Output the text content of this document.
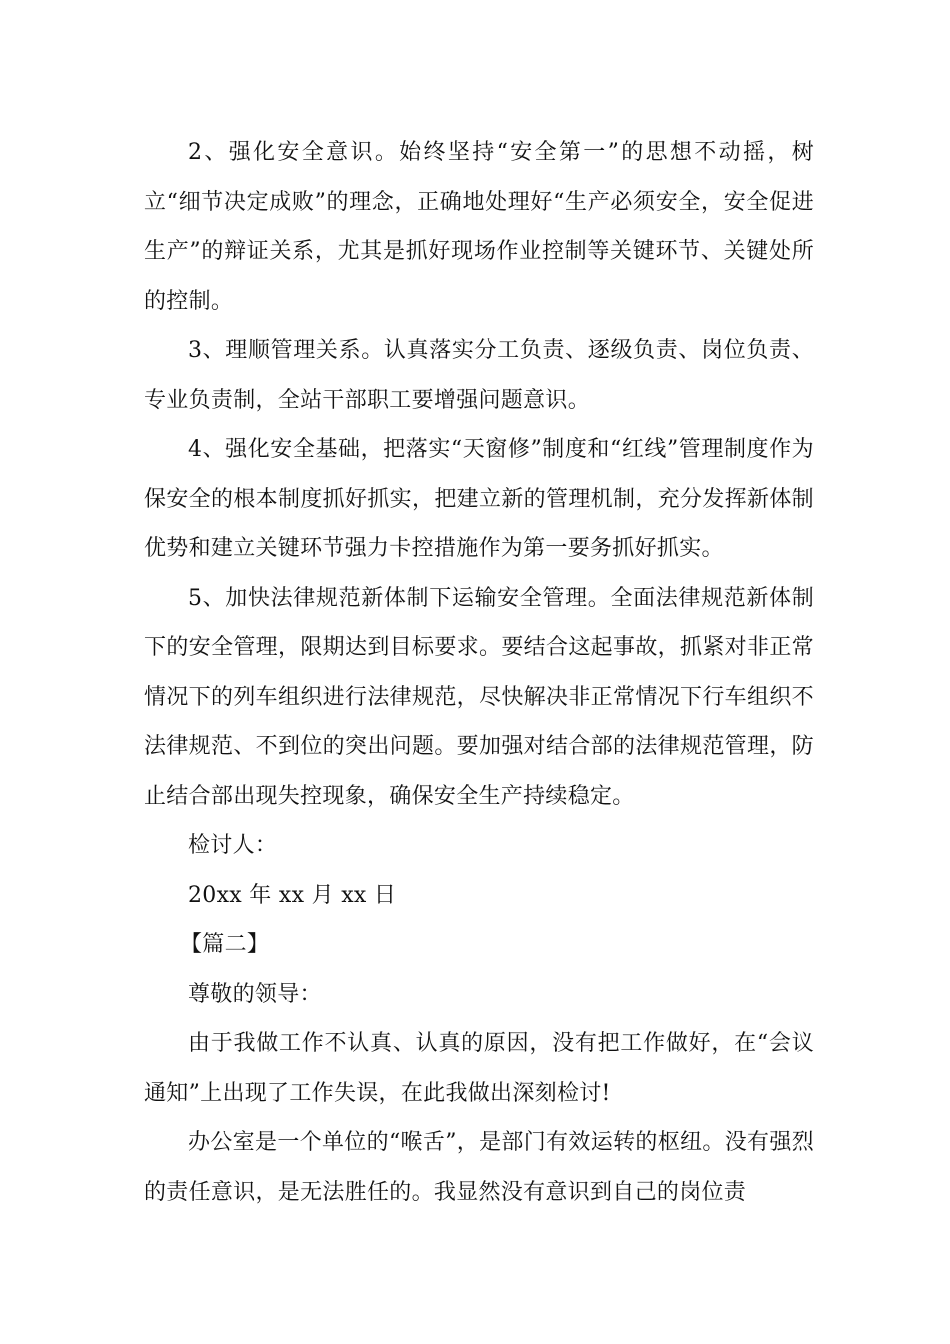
2、强化安全意识。始终坚持“安全第一”的思想不动摇，树立“细节决定成败”的理念，正确地处理好“生产必须安全，安全促进生产”的辩证关系，尤其是抓好现场作业控制等关键环节、关键处所的控制。

3、理顺管理关系。认真落实分工负责、逐级负责、岗位负责、专业负责制，全站干部职工要增强问题意识。

4、强化安全基础，把落实“天窗修”制度和“红线”管理制度作为保安全的根本制度抓好抓实，把建立新的管理机制，充分发挥新体制优势和建立关键环节强力卡控措施作为第一要务抓好抓实。

5、加快法律规范新体制下运输安全管理。全面法律规范新体制下的安全管理，限期达到目标要求。要结合这起事故，抓紧对非正常情况下的列车组织进行法律规范，尽快解决非正常情况下行车组织不法律规范、不到位的突出问题。要加强对结合部的法律规范管理，防止结合部出现失控现象，确保安全生产持续稳定。

检讨人：

20xx 年 xx 月 xx 日

【篇二】

尊敬的领导：

由于我做工作不认真、认真的原因，没有把工作做好，在“会议通知”上出现了工作失误，在此我做出深刻检讨!

办公室是一个单位的“喉舌”，是部门有效运转的枢纽。没有强烈的责任意识，是无法胜任的。我显然没有意识到自己的岗位责
